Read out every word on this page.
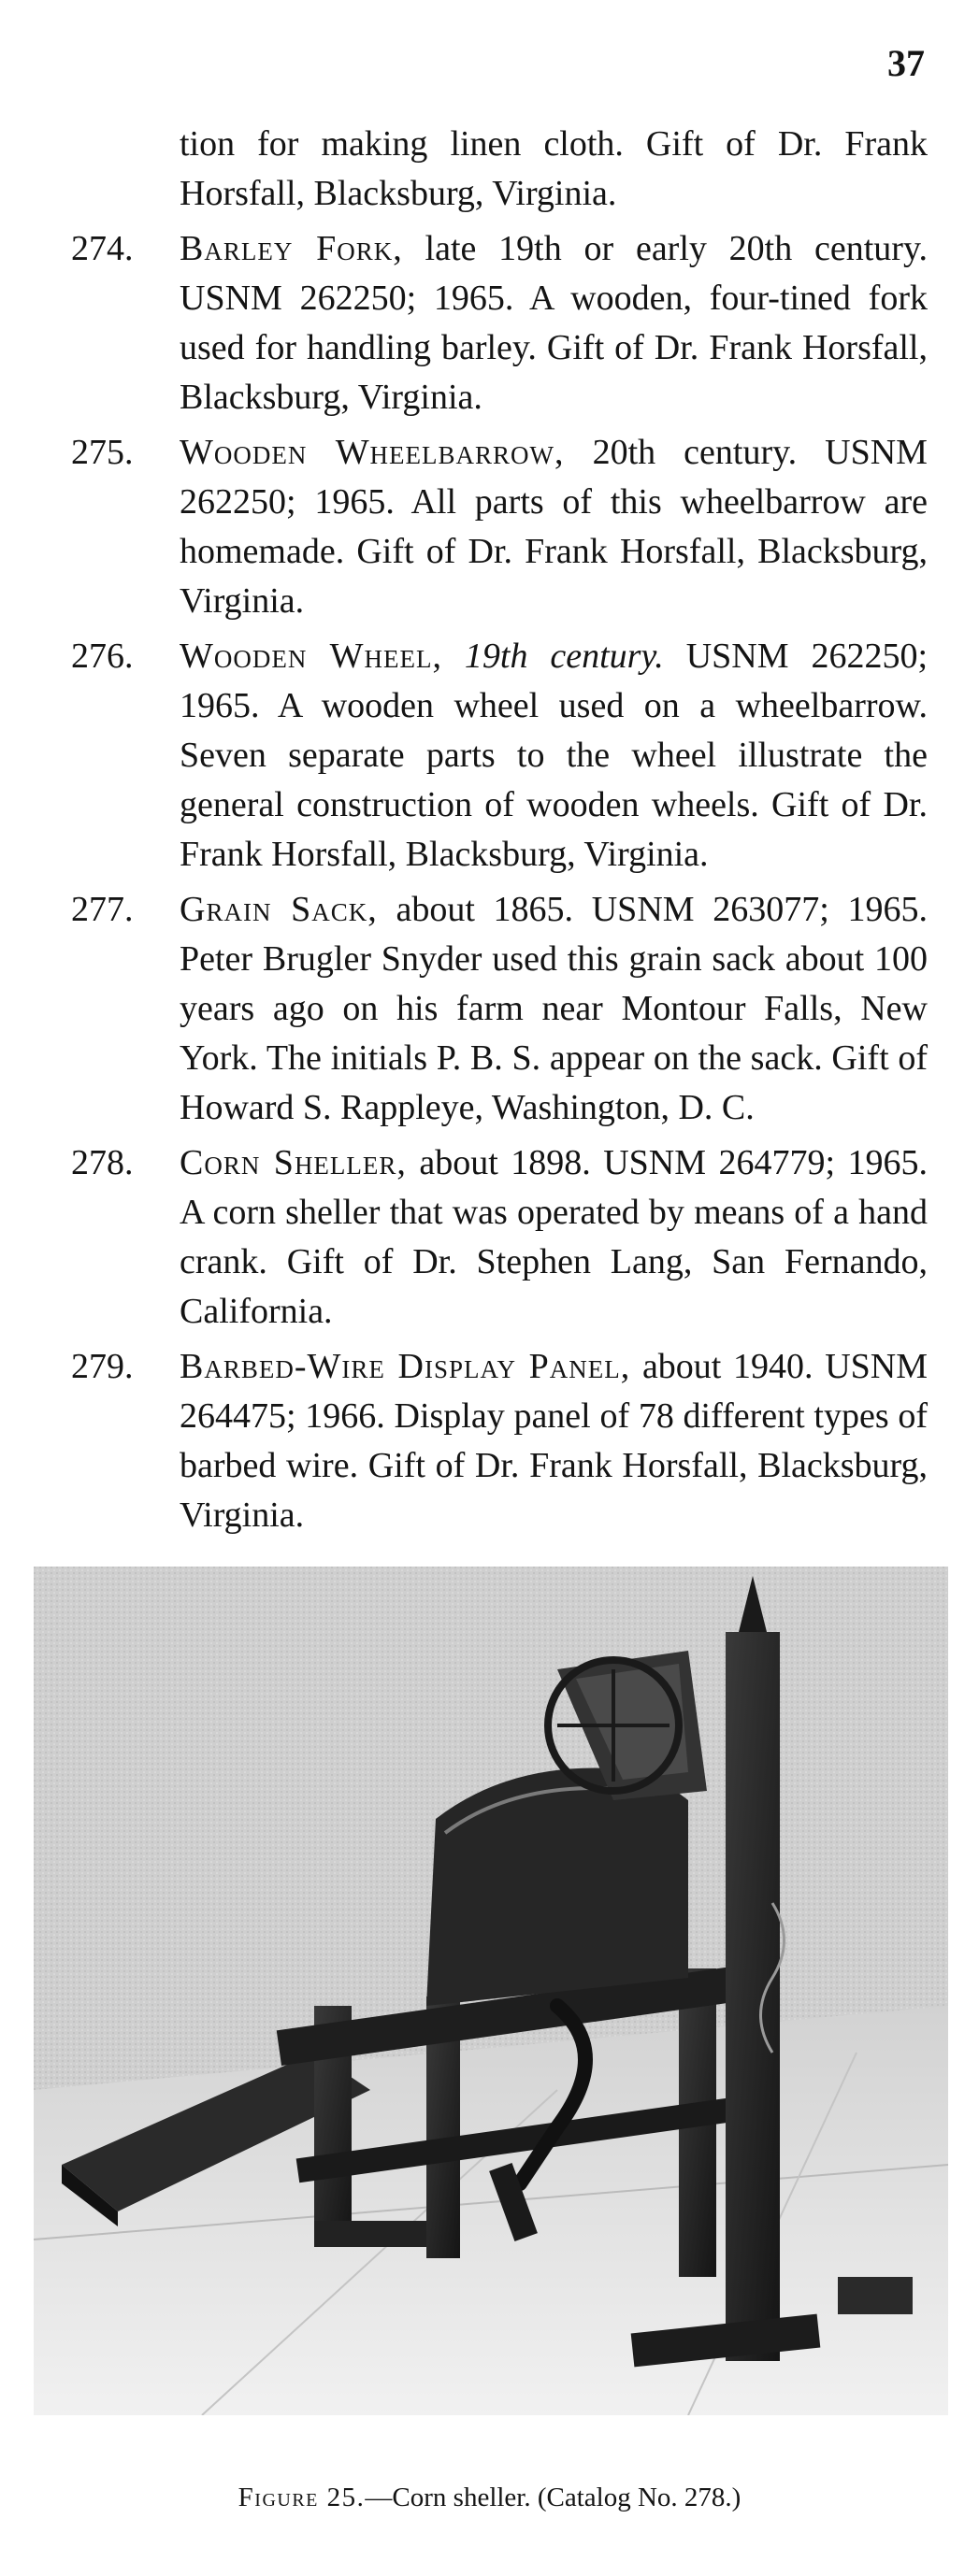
37
tion for making linen cloth. Gift of Dr. Frank Horsfall, Blacksburg, Virginia.
274. Barley Fork, late 19th or early 20th century. USNM 262250; 1965. A wooden, four-tined fork used for handling barley. Gift of Dr. Frank Horsfall, Blacksburg, Virginia.
275. Wooden Wheelbarrow, 20th century. USNM 262250; 1965. All parts of this wheelbarrow are homemade. Gift of Dr. Frank Horsfall, Blacksburg, Virginia.
276. Wooden Wheel, 19th century. USNM 262250; 1965. A wooden wheel used on a wheelbarrow. Seven separate parts to the wheel illustrate the general construction of wooden wheels. Gift of Dr. Frank Horsfall, Blacksburg, Virginia.
277. Grain Sack, about 1865. USNM 263077; 1965. Peter Brugler Snyder used this grain sack about 100 years ago on his farm near Montour Falls, New York. The initials P. B. S. appear on the sack. Gift of Howard S. Rappleye, Washington, D. C.
278. Corn Sheller, about 1898. USNM 264779; 1965. A corn sheller that was operated by means of a hand crank. Gift of Dr. Stephen Lang, San Fernando, California.
279. Barbed-Wire Display Panel, about 1940. USNM 264475; 1966. Display panel of 78 different types of barbed wire. Gift of Dr. Frank Horsfall, Blacksburg, Virginia.
Figure 25.—Corn sheller. (Catalog No. 278.)
